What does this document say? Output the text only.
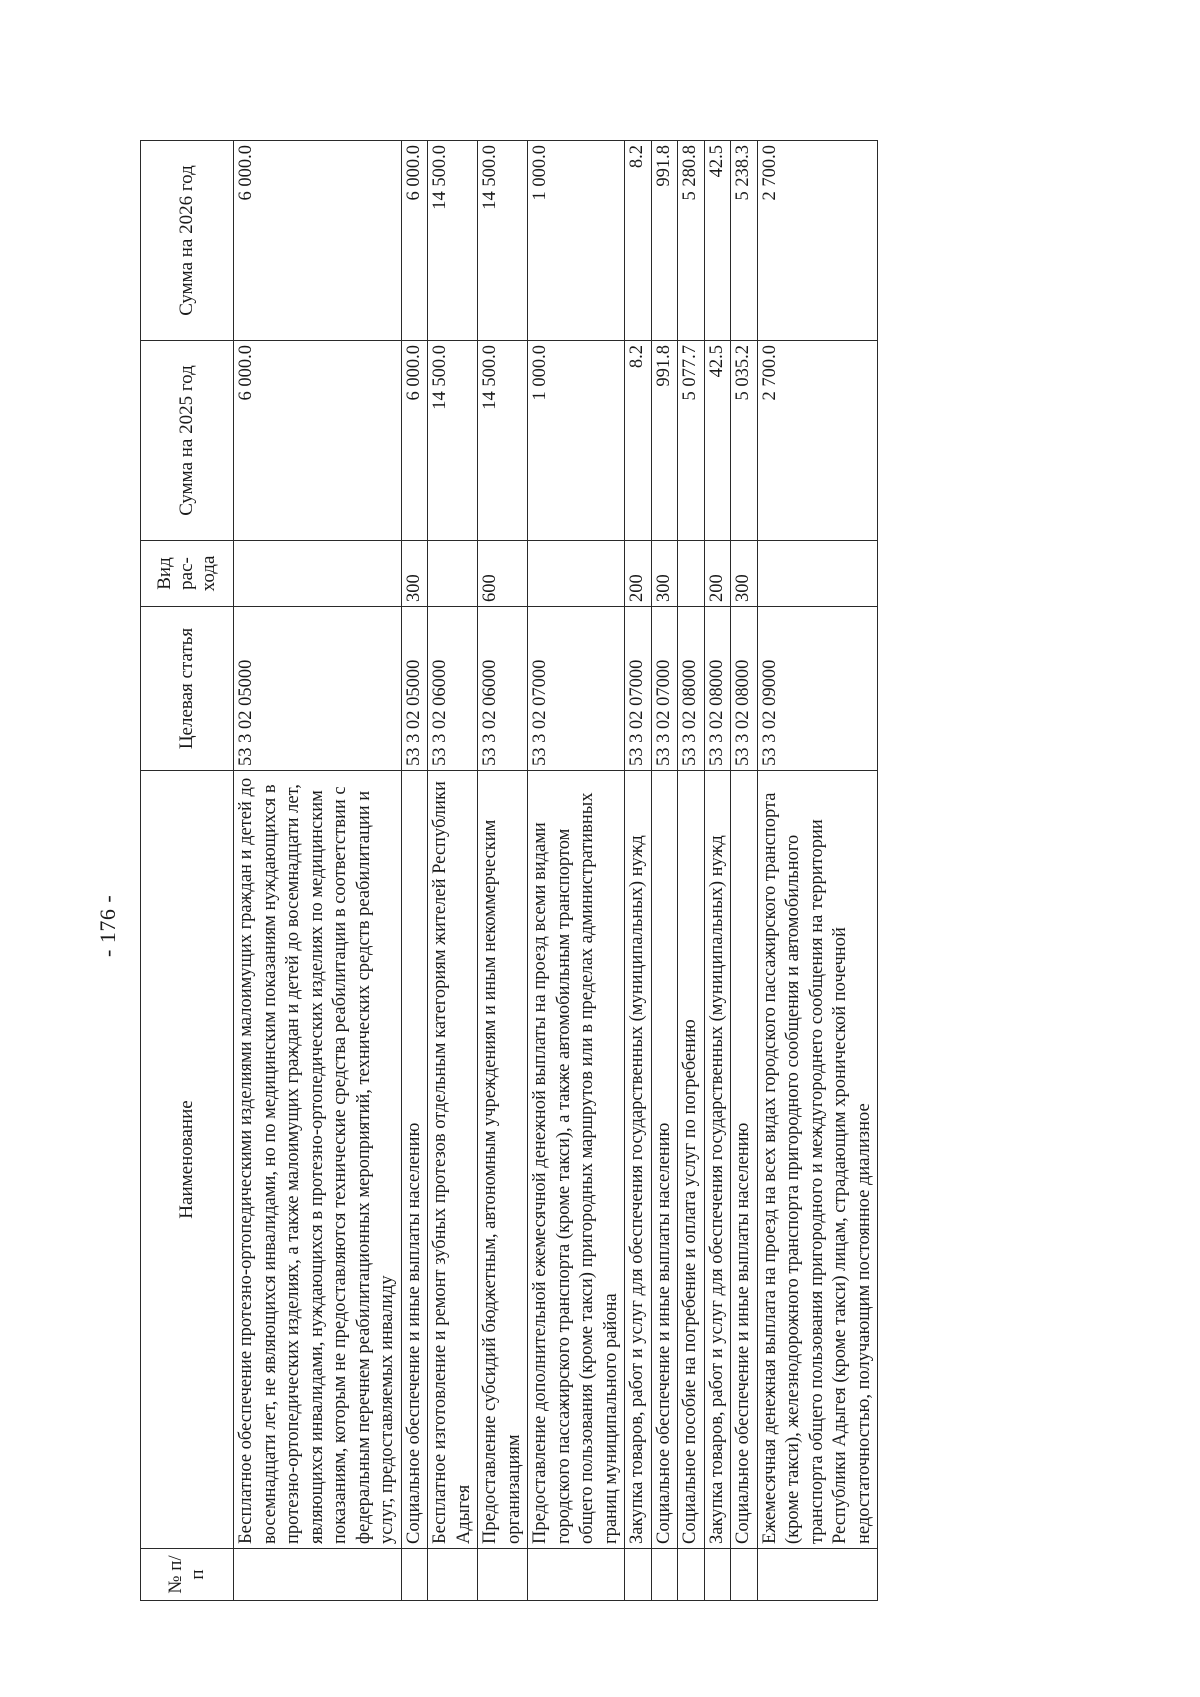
- 176 -
№ п/п	Наименование	Целевая статья	Вид рас-хода	Сумма на 2025 год	Сумма на 2026 год
	Бесплатное обеспечение протезно-ортопедическими изделиями малоимущих граждан и детей до восемнадцати лет, не являющихся инвалидами, но по медицинским показаниям нуждающихся в протезно-ортопедических изделиях, а также малоимущих граждан и детей до восемнадцати лет, являющихся инвалидами, нуждающихся в протезно-ортопедических изделиях по медицинским показаниям, которым не предоставляются технические средства реабилитации в соответствии с федеральным перечнем реабилитационных мероприятий, технических средств реабилитации и услуг, предоставляемых инвалиду	53 3 02 05000		6 000.0	6 000.0
	Социальное обеспечение и иные выплаты населению	53 3 02 05000	300	6 000.0	6 000.0
	Бесплатное изготовление и ремонт зубных протезов отдельным категориям жителей Республики Адыгея	53 3 02 06000		14 500.0	14 500.0
	Предоставление субсидий бюджетным, автономным учреждениям и иным некоммерческим организациям	53 3 02 06000	600	14 500.0	14 500.0
	Предоставление дополнительной ежемесячной денежной выплаты на проезд всеми видами городского пассажирского транспорта (кроме такси), а также автомобильным транспортом общего пользования (кроме такси) пригородных маршрутов или в пределах административных границ муниципального района	53 3 02 07000		1 000.0	1 000.0
	Закупка товаров, работ и услуг для обеспечения государственных (муниципальных) нужд	53 3 02 07000	200	8.2	8.2
	Социальное обеспечение и иные выплаты населению	53 3 02 07000	300	991.8	991.8
	Социальное пособие на погребение и оплата услуг по погребению	53 3 02 08000		5 077.7	5 280.8
	Закупка товаров, работ и услуг для обеспечения государственных (муниципальных) нужд	53 3 02 08000	200	42.5	42.5
	Социальное обеспечение и иные выплаты населению	53 3 02 08000	300	5 035.2	5 238.3
	Ежемесячная денежная выплата на проезд на всех видах городского пассажирского транспорта (кроме такси), железнодорожного транспорта пригородного сообщения и автомобильного транспорта общего пользования пригородного и междугороднего сообщения на территории Республики Адыгея (кроме такси) лицам, страдающим хронической почечной недостаточностью, получающим постоянное диализное	53 3 02 09000		2 700.0	2 700.0
